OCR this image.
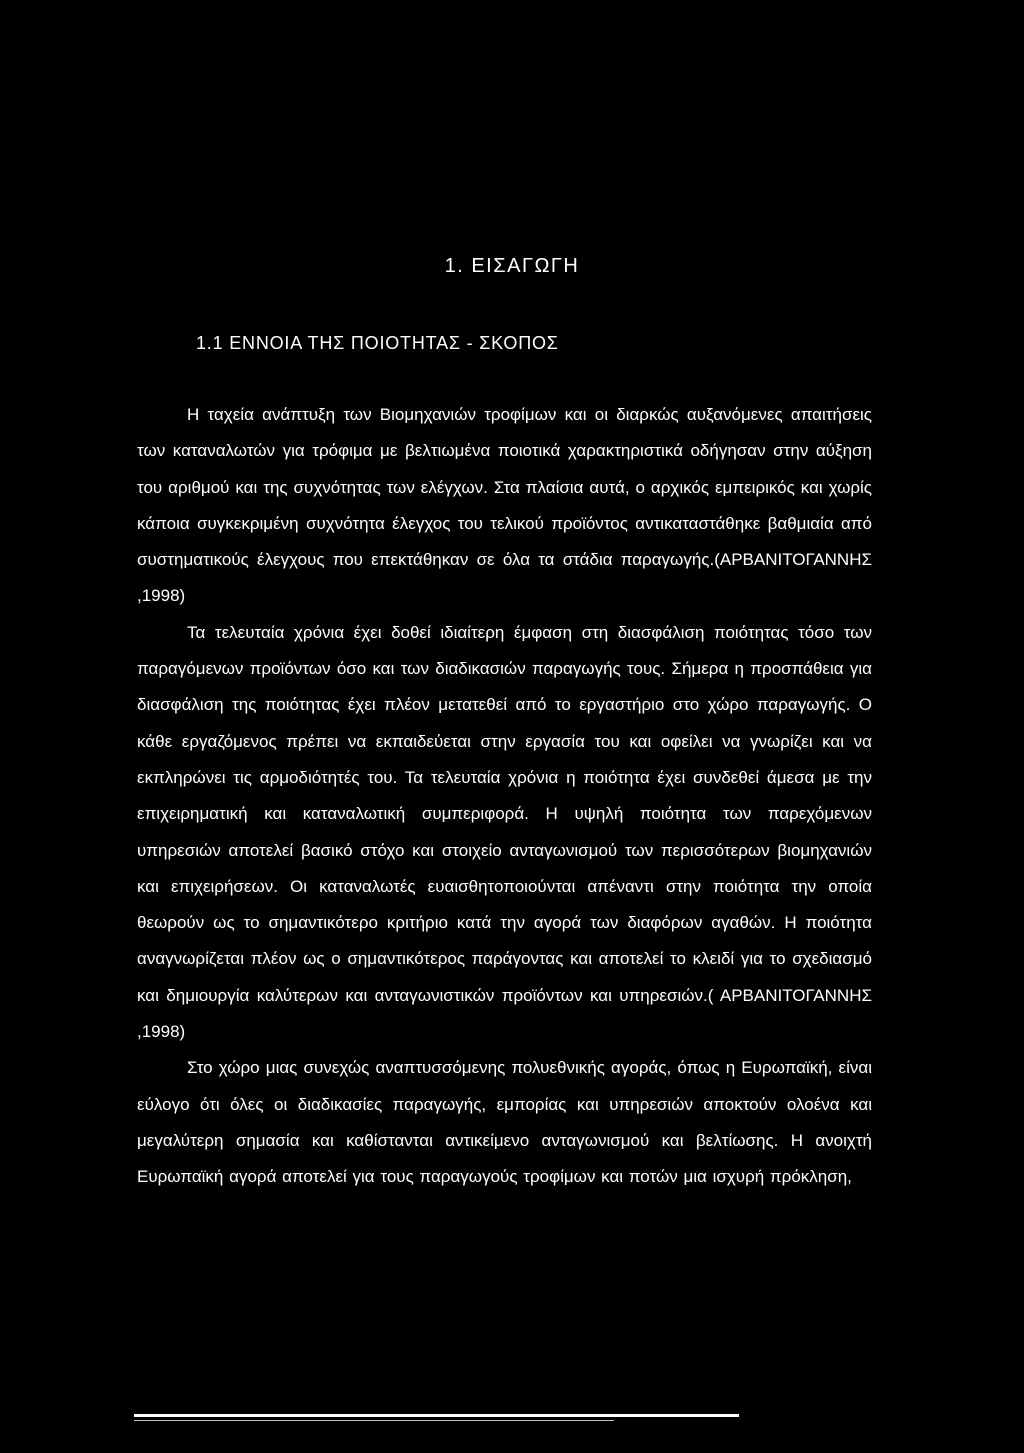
1. ΕΙΣΑΓΩΓΗ
1.1 ΕΝΝΟΙΑ ΤΗΣ ΠΟΙΟΤΗΤΑΣ - ΣΚΟΠΟΣ

Η ταχεία ανάπτυξη των Βιομηχανιών τροφίμων και οι διαρκώς αυξανόμενες απαιτήσεις των καταναλωτών για τρόφιμα με βελτιωμένα ποιοτικά χαρακτηριστικά οδήγησαν στην αύξηση του αριθμού και της συχνότητας των ελέγχων. Στα πλαίσια αυτά, ο αρχικός εμπειρικός και χωρίς κάποια συγκεκριμένη συχνότητα έλεγχος του τελικού προϊόντος αντικαταστάθηκε βαθμιαία από συστηματικούς έλεγχους που επεκτάθηκαν σε όλα τα στάδια παραγωγής.(ΑΡΒΑΝΙΤΟΓΑΝΝΗΣ ,1998)

Τα τελευταία χρόνια έχει δοθεί ιδιαίτερη έμφαση στη διασφάλιση ποιότητας τόσο των παραγόμενων προϊόντων όσο και των διαδικασιών παραγωγής τους. Σήμερα η προσπάθεια για διασφάλιση της ποιότητας έχει πλέον μετατεθεί από το εργαστήριο στο χώρο παραγωγής. Ο κάθε εργαζόμενος πρέπει να εκπαιδεύεται στην εργασία του και οφείλει να γνωρίζει και να εκπληρώνει τις αρμοδιότητές του. Τα τελευταία χρόνια η ποιότητα έχει συνδεθεί άμεσα με την επιχειρηματική και καταναλωτική συμπεριφορά. Η υψηλή ποιότητα των παρεχόμενων υπηρεσιών αποτελεί βασικό στόχο και στοιχείο ανταγωνισμού των περισσότερων βιομηχανιών και επιχειρήσεων. Οι καταναλωτές ευαισθητοποιούνται απέναντι στην ποιότητα την οποία θεωρούν ως το σημαντικότερο κριτήριο κατά την αγορά των διαφόρων αγαθών. Η ποιότητα αναγνωρίζεται πλέον ως ο σημαντικότερος παράγοντας και αποτελεί το κλειδί για το σχεδιασμό και δημιουργία καλύτερων και ανταγωνιστικών προϊόντων και υπηρεσιών.( ΑΡΒΑΝΙΤΟΓΑΝΝΗΣ ,1998)

Στο χώρο μιας συνεχώς αναπτυσσόμενης πολυεθνικής αγοράς, όπως η Ευρωπαϊκή, είναι εύλογο ότι όλες οι διαδικασίες παραγωγής, εμπορίας και υπηρεσιών αποκτούν ολοένα και μεγαλύτερη σημασία και καθίστανται αντικείμενο ανταγωνισμού και βελτίωσης. Η ανοιχτή Ευρωπαϊκή αγορά αποτελεί για τους παραγωγούς τροφίμων και ποτών μια ισχυρή πρόκληση,
